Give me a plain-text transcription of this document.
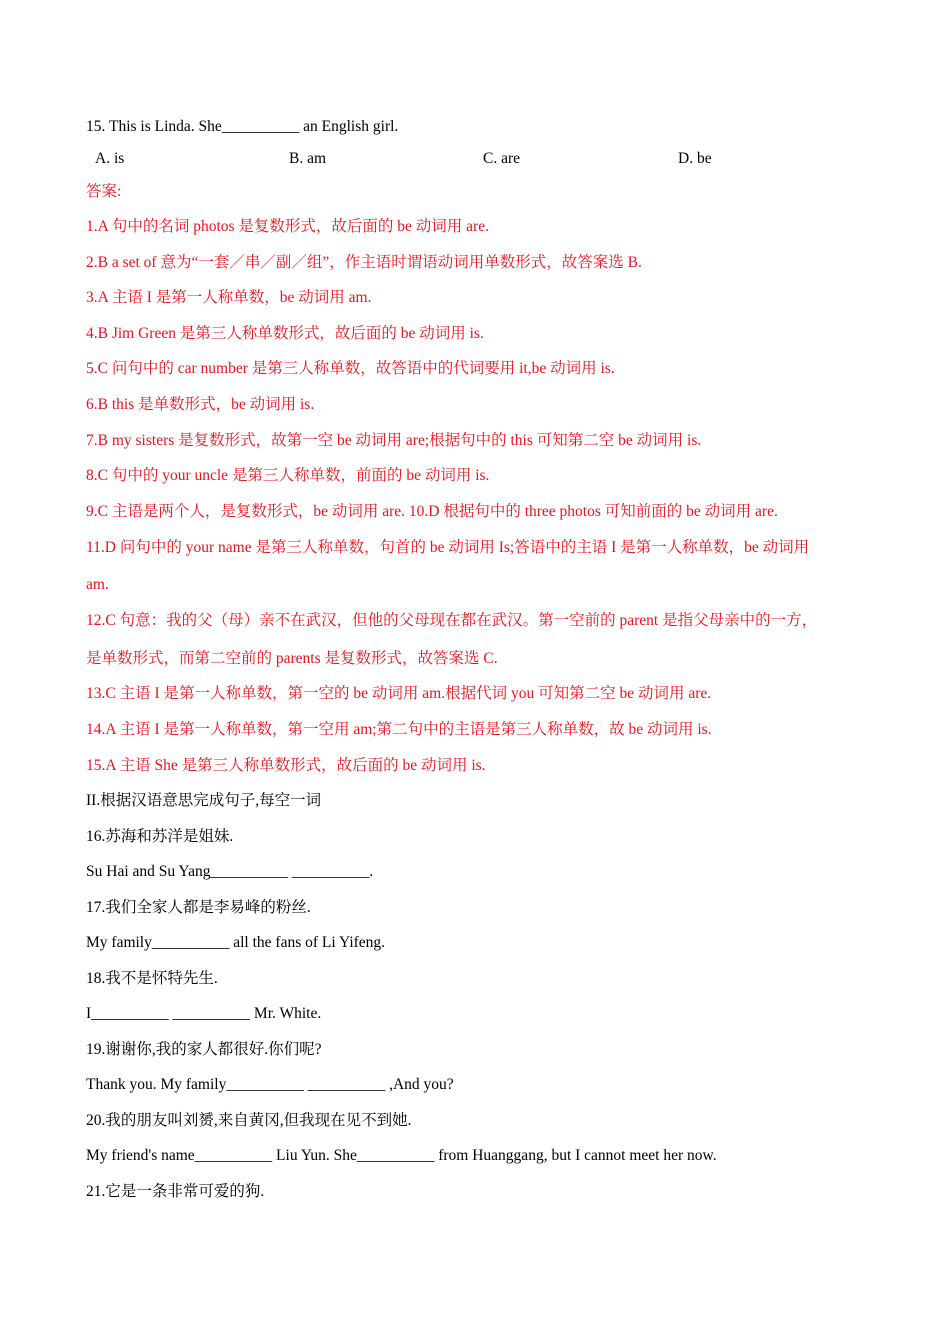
15. This is Linda. She__________ an English girl.
A. is	B. am	C. are	D. be
答案:
1.A 句中的名词 photos 是复数形式，故后面的 be 动词用 are.
2.B a set of 意为“一套／串／副／组”，作主语时谓语动词用单数形式，故答案选 B.
3.A 主语 I 是第一人称单数，be 动词用 am.
4.B Jim Green 是第三人称单数形式，故后面的 be 动词用 is.
5.C 问句中的 car number 是第三人称单数，故答语中的代词要用 it,be 动词用 is.
6.B this 是单数形式，be 动词用 is.
7.B my sisters 是复数形式，故第一空 be 动词用 are;根据句中的 this 可知第二空 be 动词用 is.
8.C 句中的 your uncle 是第三人称单数，前面的 be 动词用 is.
9.C 主语是两个人，是复数形式，be 动词用 are. 10.D 根据句中的 three photos 可知前面的 be 动词用 are.
11.D 问句中的 your name 是第三人称单数，句首的 be 动词用 Is;答语中的主语 I 是第一人称单数，be 动词用
am.
12.C 句意：我的父（母）亲不在武汉，但他的父母现在都在武汉。第一空前的 parent 是指父母亲中的一方，
是单数形式，而第二空前的 parents 是复数形式，故答案选 C.
13.C 主语 I 是第一人称单数，第一空的 be 动词用 am.根据代词 you 可知第二空 be 动词用 are.
14.A 主语 I 是第一人称单数，第一空用 am;第二句中的主语是第三人称单数，故 be 动词用 is.
15.A 主语 She 是第三人称单数形式，故后面的 be 动词用 is.
II.根据汉语意思完成句子,每空一词
16.苏海和苏洋是姐妹.
Su Hai and Su Yang__________ __________.
17.我们全家人都是李易峰的粉丝.
My family__________ all the fans of Li Yifeng.
18.我不是怀特先生.
I__________ __________ Mr. White.
19.谢谢你,我的家人都很好.你们呢?
Thank you. My family__________ __________ ,And you?
20.我的朋友叫刘赟,来自黄冈,但我现在见不到她.
My friend's name__________ Liu Yun. She__________ from Huanggang, but I cannot meet her now.
21.它是一条非常可爱的狗.
